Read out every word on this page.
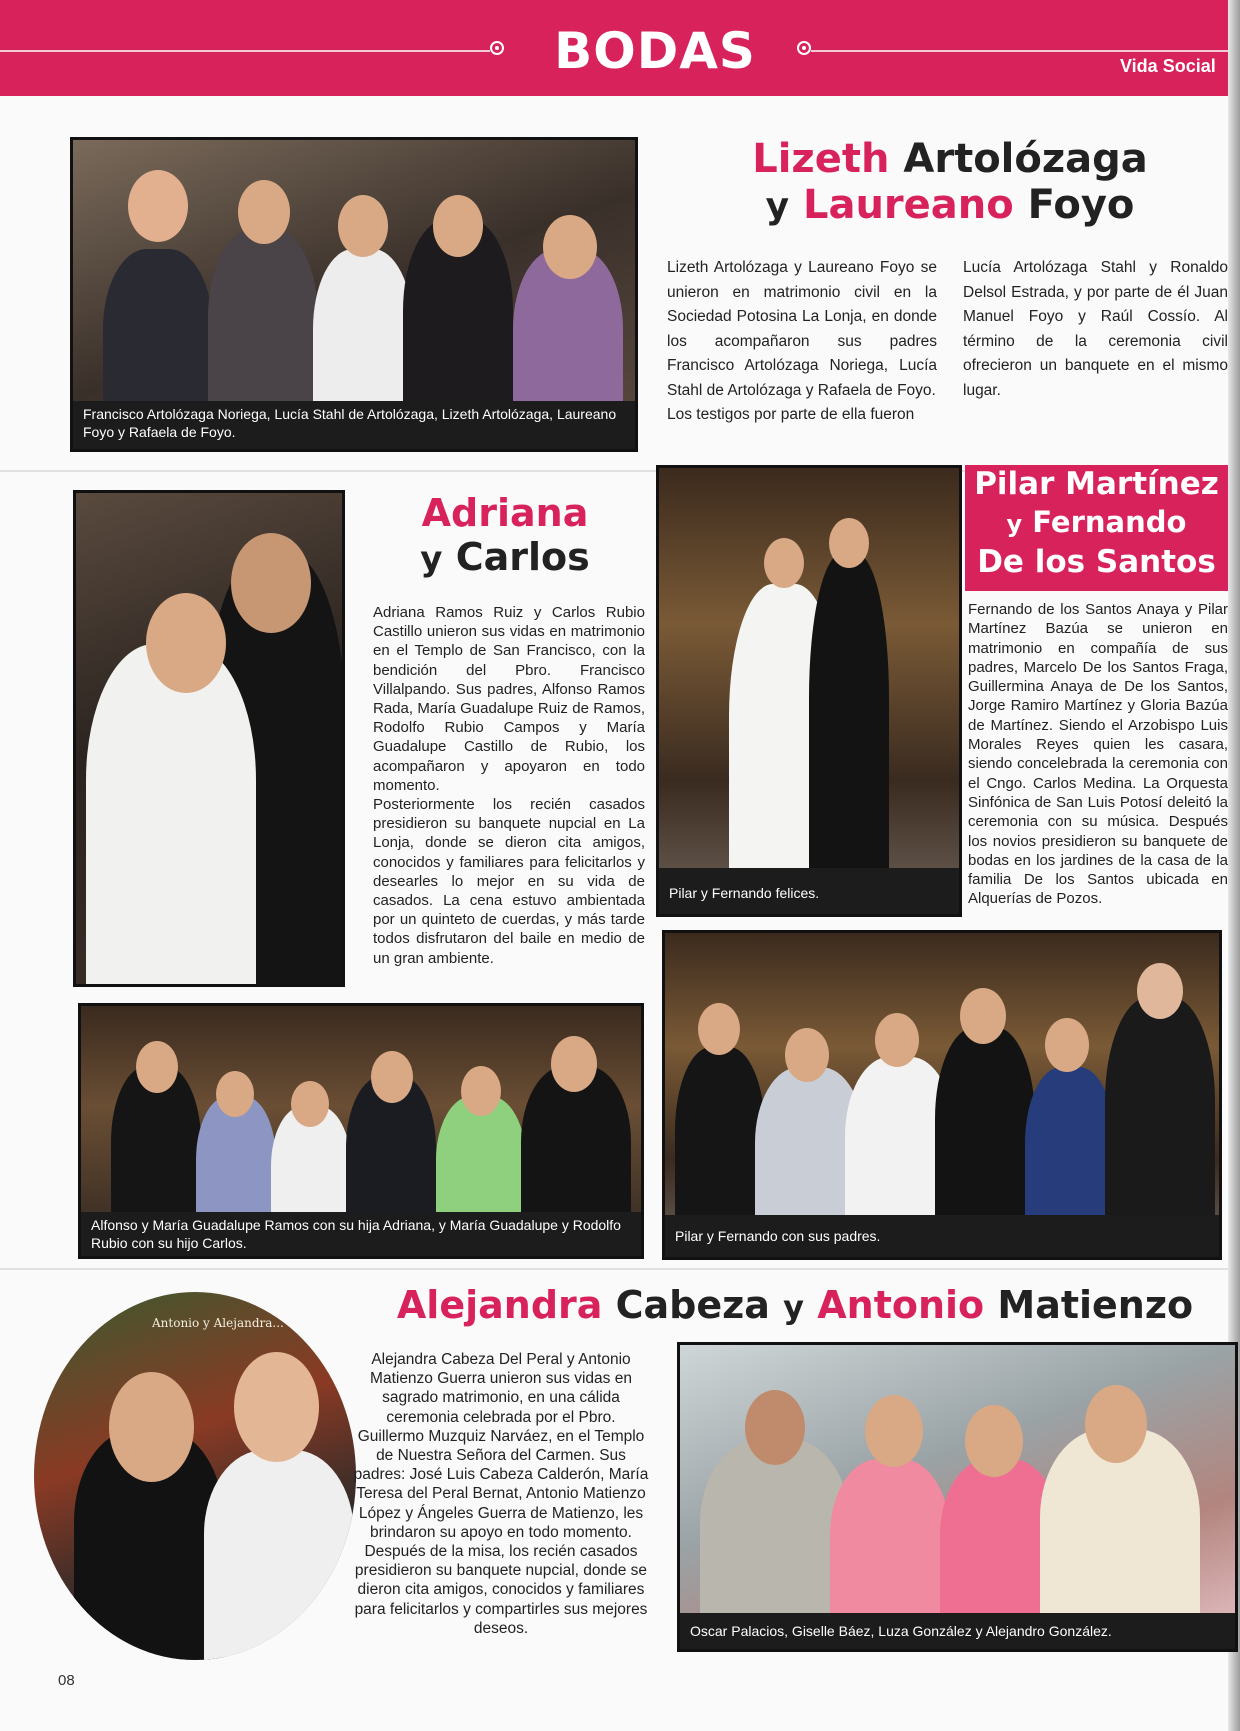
BODAS	Vida Social
Francisco Artolózaga Noriega, Lucía Stahl de Artolózaga, Lizeth Artolózaga, Laureano Foyo y Rafaela de Foyo.
Lizeth Artolózaga
y Laureano Foyo
Lizeth Artolózaga y Laureano Foyo se unieron en matrimonio civil en la Sociedad Potosina La Lonja, en donde los acompañaron sus padres Francisco Artolózaga Noriega, Lucía Stahl de Artolózaga y Rafaela de Foyo.
Los testigos por parte de ella fueron
Lucía Artolózaga Stahl y Ronaldo Delsol Estrada, y por parte de él Juan Manuel Foyo y Raúl Cossío. Al término de la ceremonia civil ofrecieron un banquete en el mismo lugar.
Adriana
y Carlos
Adriana Ramos Ruiz y Carlos Rubio Castillo unieron sus vidas en matrimonio en el Templo de San Francisco, con la bendición del Pbro. Francisco Villalpando. Sus padres, Alfonso Ramos Rada, María Guadalupe Ruiz de Ramos, Rodolfo Rubio Campos y María Guadalupe Castillo de Rubio, los acompañaron y apoyaron en todo momento.
Posteriormente los recién casados presidieron su banquete nupcial en La Lonja, donde se dieron cita amigos, conocidos y familiares para felicitarlos y desearles lo mejor en su vida de casados. La cena estuvo ambientada por un quinteto de cuerdas, y más tarde todos disfrutaron del baile en medio de un gran ambiente.
Alfonso y María Guadalupe Ramos con su hija Adriana, y María Guadalupe y Rodolfo Rubio con su hijo Carlos.
Pilar y Fernando felices.
Pilar Martínez
y Fernando
De los Santos
Fernando de los Santos Anaya y Pilar Martínez Bazúa se unieron en matrimonio en compañía de sus padres, Marcelo De los Santos Fraga, Guillermina Anaya de De los Santos, Jorge Ramiro Martínez y Gloria Bazúa de Martínez. Siendo el Arzobispo Luis Morales Reyes quien les casara, siendo concelebrada la ceremonia con el Cngo. Carlos Medina. La Orquesta Sinfónica de San Luis Potosí deleitó la ceremonia con su música. Después los novios presidieron su banquete de bodas en los jardines de la casa de la familia De los Santos ubicada en Alquerías de Pozos.
Pilar y Fernando con sus padres.
Alejandra Cabeza y Antonio Matienzo
Antonio y Alejandra...
Alejandra Cabeza Del Peral y Antonio Matienzo Guerra unieron sus vidas en sagrado matrimonio, en una cálida ceremonia celebrada por el Pbro. Guillermo Muzquiz Narváez, en el Templo de Nuestra Señora del Carmen. Sus padres: José Luis Cabeza Calderón, María Teresa del Peral Bernat, Antonio Matienzo López y Ángeles Guerra de Matienzo, les brindaron su apoyo en todo momento. Después de la misa, los recién casados presidieron su banquete nupcial, donde se dieron cita amigos, conocidos y familiares para felicitarlos y compartirles sus mejores deseos.	Oscar Palacios, Giselle Báez, Luza González y Alejandro González.
08
